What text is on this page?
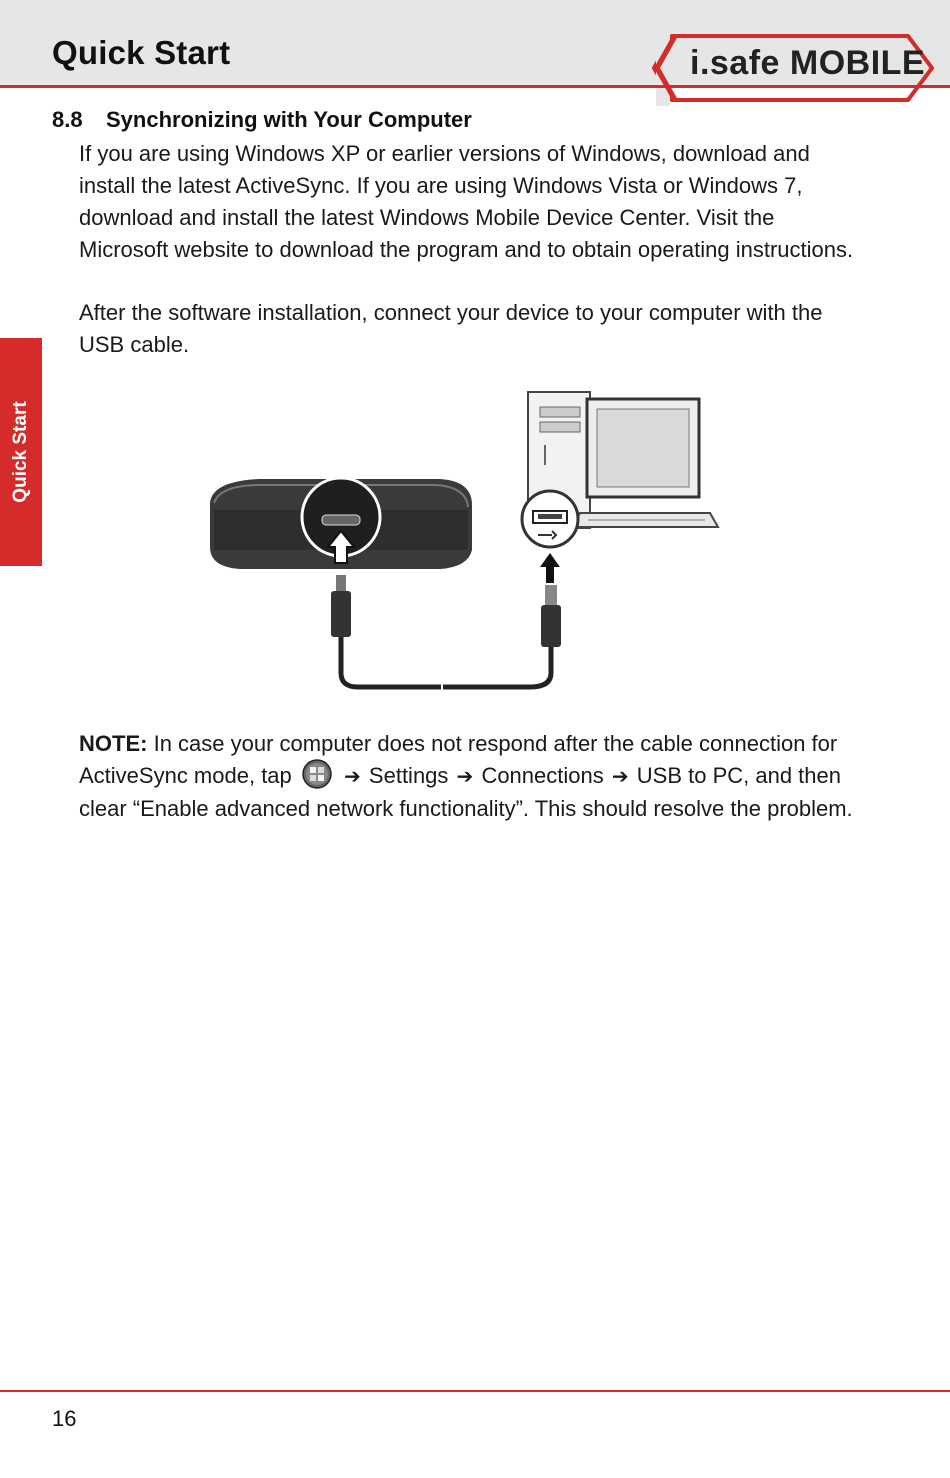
Quick Start	i.safe MOBILE
Quick Start
8.8 Synchronizing with Your Computer
If you are using Windows XP or earlier versions of Windows, download and install the latest ActiveSync. If you are using Windows Vista or Windows 7, download and install the latest Windows Mobile Device Center. Visit the Microsoft website to download the program and to obtain operating instructions.
After the software installation, connect your device to your computer with the USB cable.
NOTE: In case your computer does not respond after the cable connection for ActiveSync mode, tap	➔ Settings ➔ Connections ➔ USB to PC, and then clear “Enable advanced network functionality”. This should resolve the problem.
16
